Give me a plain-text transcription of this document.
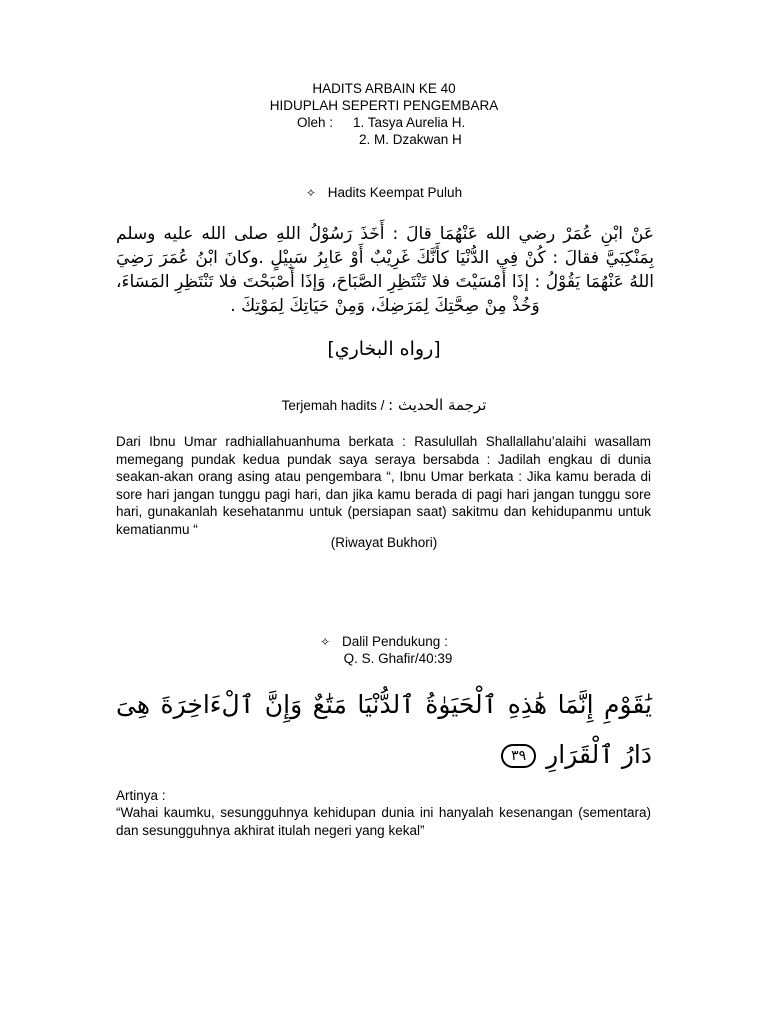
HADITS ARBAIN KE 40
HIDUPLAH SEPERTI PENGEMBARA
Oleh :	1. Tasya Aurelia H.
2. M. Dzakwan H
✧ Hadits Keempat Puluh
عَنْ ابْنِ عُمَرْ رضي الله عَنْهُمَا قالَ : أَخَذَ رَسُوْلُ اللهِ صلى الله عليه وسلم بِمَنْكِبَيَّ فقالَ : كُنْ فِي الدُّنْيَا كأَنَّكَ غَرِيْبٌ أَوْ عَابِرُ سَبِيْلٍ .وكانَ ابْنُ عُمَرَ رَضِيَ اللهُ عَنْهُمَا يَقُوْلُ : إذَا أَمْسَيْتَ فلا تَنْتَظِرِ الصَّبَاحَ، وَإذَا أَصْبَحْتَ فلا تَنْتَظِرِ المَسَاءَ، وَخُذْ مِنْ صِحَّتِكَ لِمَرَضِكَ، وَمِنْ حَيَاتِكَ لِمَوْتِكَ .
[رواه البخاري]
Terjemah hadits / ترجمة الحديث :
Dari Ibnu Umar radhiallahuanhuma berkata : Rasulullah Shallallahu’alaihi wasallam memegang pundak kedua pundak saya seraya bersabda : Jadilah engkau di dunia seakan-akan orang asing atau pengembara “, Ibnu Umar berkata : Jika kamu berada di sore hari jangan tunggu pagi hari, dan jika kamu berada di pagi hari jangan tunggu sore hari, gunakanlah kesehatanmu untuk (persiapan saat) sakitmu dan kehidupanmu untuk kematianmu “
(Riwayat Bukhori)
✧ Dalil Pendukung :
Q. S. Ghafir/40:39
يَٰقَوْمِ إِنَّمَا هَٰذِهِ ٱلْحَيَوٰةُ ٱلدُّنْيَا مَتَٰعٌ وَإِنَّ ٱلْءَاخِرَةَ هِىَ دَارُ ٱلْقَرَارِ٣٩
Artinya :
“Wahai kaumku, sesungguhnya kehidupan dunia ini hanyalah kesenangan (sementara) dan sesungguhnya akhirat itulah negeri yang kekal”
